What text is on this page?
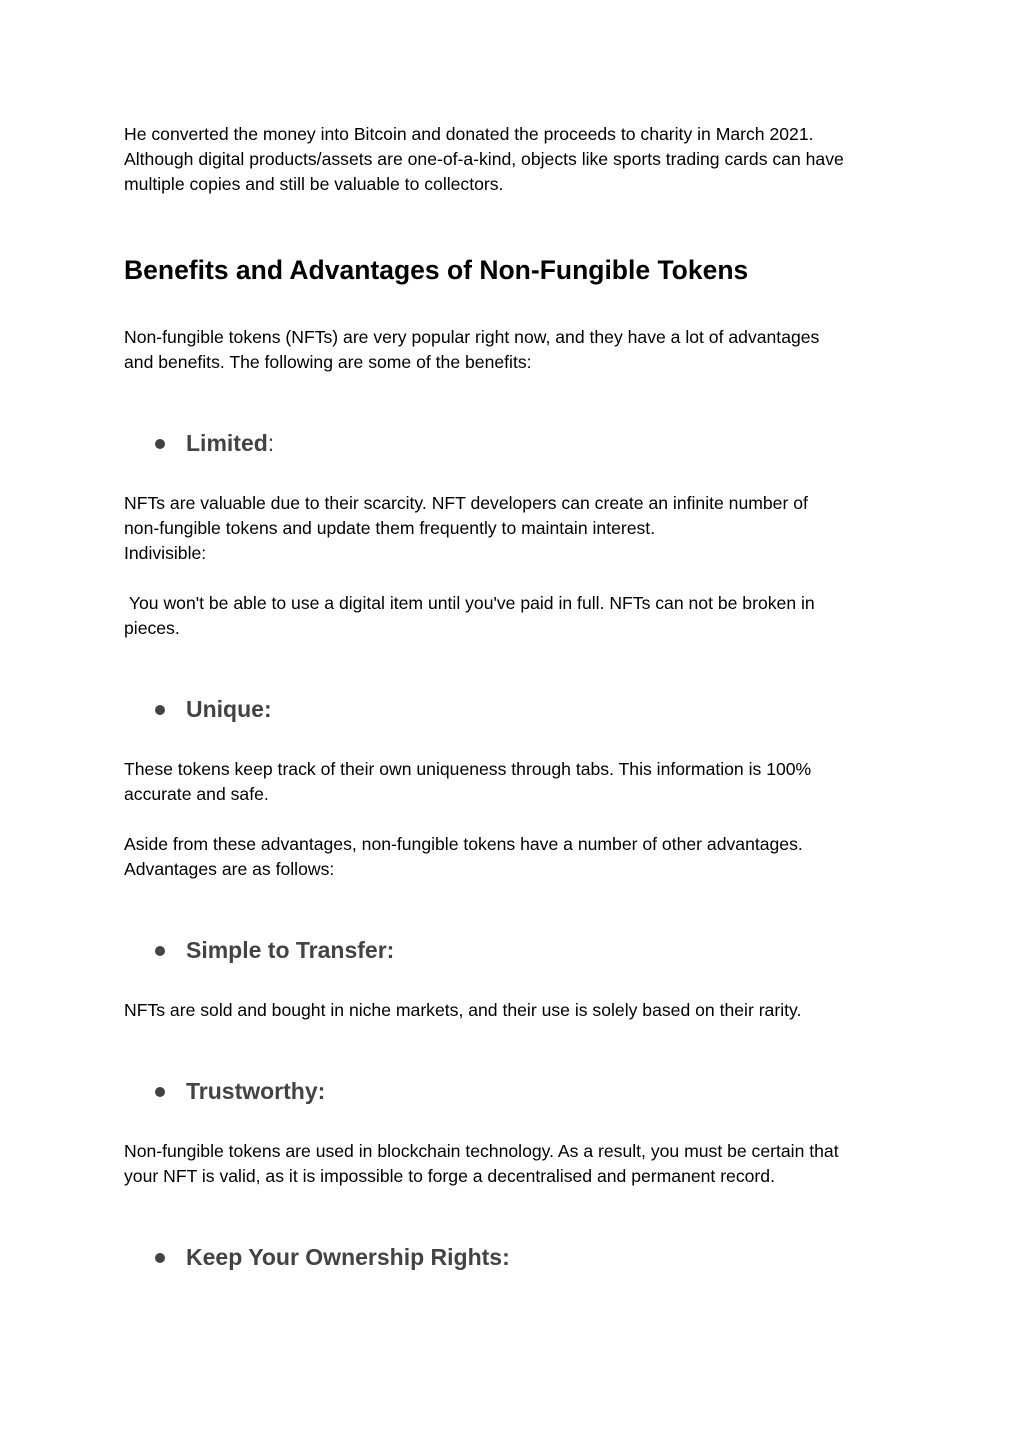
He converted the money into Bitcoin and donated the proceeds to charity in March 2021.
Although digital products/assets are one-of-a-kind, objects like sports trading cards can have
multiple copies and still be valuable to collectors.

Benefits and Advantages of Non-Fungible Tokens

Non-fungible tokens (NFTs) are very popular right now, and they have a lot of advantages
and benefits. The following are some of the benefits:

Limited :

NFTs are valuable due to their scarcity. NFT developers can create an infinite number of
non-fungible tokens and update them frequently to maintain interest.
Indivisible:

You won't be able to use a digital item until you've paid in full. NFTs can not be broken in
pieces.

Unique:

These tokens keep track of their own uniqueness through tabs. This information is 100%
accurate and safe.

Aside from these advantages, non-fungible tokens have a number of other advantages.
Advantages are as follows:

Simple to Transfer:

NFTs are sold and bought in niche markets, and their use is solely based on their rarity.

Trustworthy:

Non-fungible tokens are used in blockchain technology. As a result, you must be certain that
your NFT is valid, as it is impossible to forge a decentralised and permanent record.

Keep Your Ownership Rights:
